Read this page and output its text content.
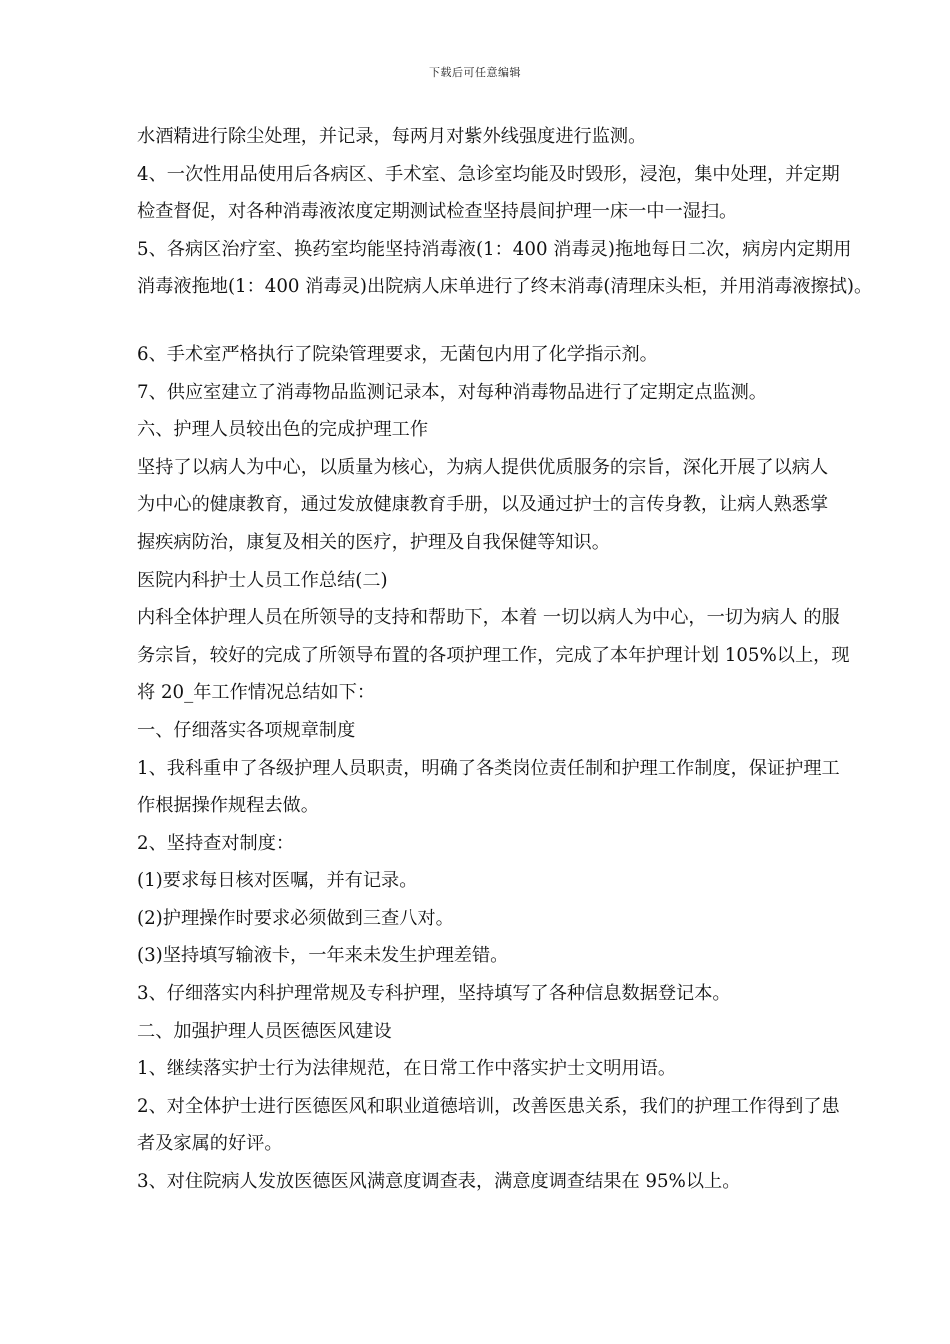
下载后可任意编辑
水酒精进行除尘处理，并记录，每两月对紫外线强度进行监测。
4、一次性用品使用后各病区、手术室、急诊室均能及时毁形，浸泡，集中处理，并定期
检查督促，对各种消毒液浓度定期测试检查坚持晨间护理一床一中一湿扫。
5、各病区治疗室、换药室均能坚持消毒液(1：400 消毒灵)拖地每日二次，病房内定期用
消毒液拖地(1：400 消毒灵)出院病人床单进行了终末消毒(清理床头柜，并用消毒液擦拭)。
6、手术室严格执行了院染管理要求，无菌包内用了化学指示剂。
7、供应室建立了消毒物品监测记录本，对每种消毒物品进行了定期定点监测。
六、护理人员较出色的完成护理工作
坚持了以病人为中心，以质量为核心，为病人提供优质服务的宗旨，深化开展了以病人
为中心的健康教育，通过发放健康教育手册，以及通过护士的言传身教，让病人熟悉掌
握疾病防治，康复及相关的医疗，护理及自我保健等知识。
医院内科护士人员工作总结(二)
内科全体护理人员在所领导的支持和帮助下，本着 一切以病人为中心，一切为病人 的服
务宗旨，较好的完成了所领导布置的各项护理工作，完成了本年护理计划 105%以上，现
将 20_年工作情况总结如下：
一、仔细落实各项规章制度
1、我科重申了各级护理人员职责，明确了各类岗位责任制和护理工作制度，保证护理工
作根据操作规程去做。
2、坚持查对制度：
(1)要求每日核对医嘱，并有记录。
(2)护理操作时要求必须做到三查八对。
(3)坚持填写输液卡，一年来未发生护理差错。
3、仔细落实内科护理常规及专科护理，坚持填写了各种信息数据登记本。
二、加强护理人员医德医风建设
1、继续落实护士行为法律规范，在日常工作中落实护士文明用语。
2、对全体护士进行医德医风和职业道德培训，改善医患关系，我们的护理工作得到了患
者及家属的好评。
3、对住院病人发放医德医风满意度调查表，满意度调查结果在 95%以上。
